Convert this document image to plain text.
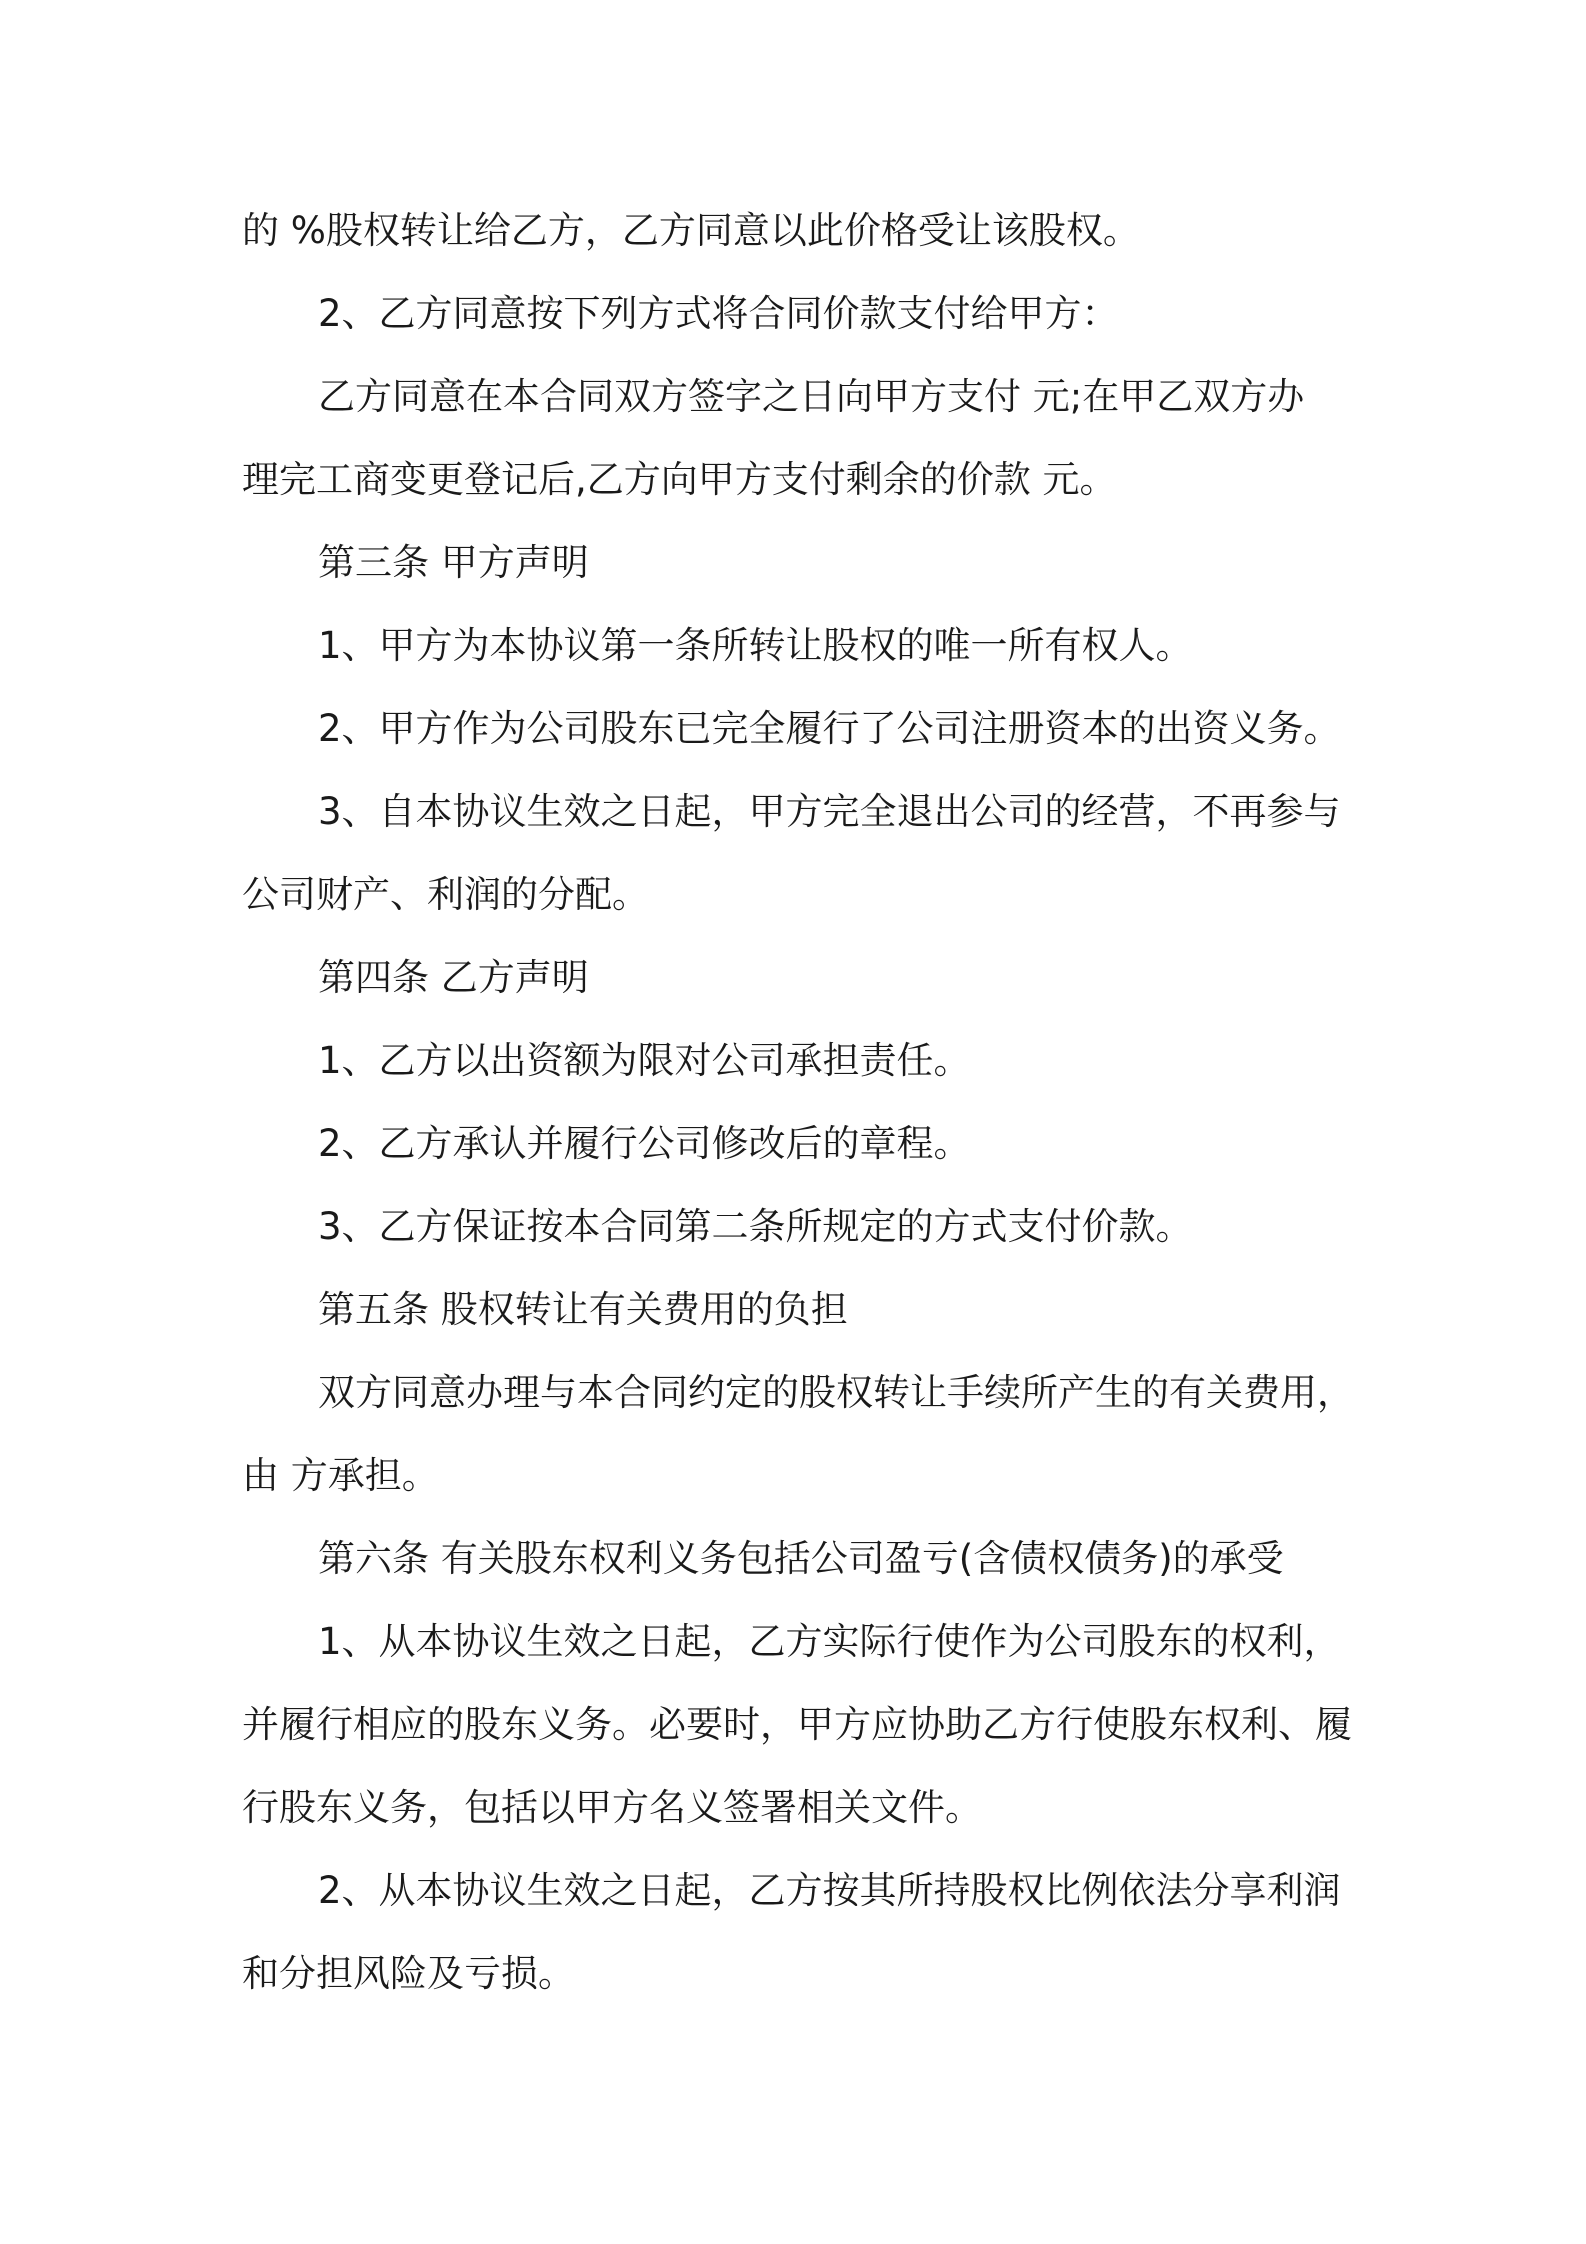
的 %股权转让给乙方，乙方同意以此价格受让该股权。
2、乙方同意按下列方式将合同价款支付给甲方：
乙方同意在本合同双方签字之日向甲方支付 元;在甲乙双方办
理完工商变更登记后,乙方向甲方支付剩余的价款 元。
第三条 甲方声明
1、甲方为本协议第一条所转让股权的唯一所有权人。
2、甲方作为公司股东已完全履行了公司注册资本的出资义务。
3、自本协议生效之日起，甲方完全退出公司的经营，不再参与
公司财产、利润的分配。
第四条 乙方声明
1、乙方以出资额为限对公司承担责任。
2、乙方承认并履行公司修改后的章程。
3、乙方保证按本合同第二条所规定的方式支付价款。
第五条 股权转让有关费用的负担
双方同意办理与本合同约定的股权转让手续所产生的有关费用，
由 方承担。
第六条 有关股东权利义务包括公司盈亏(含债权债务)的承受
1、从本协议生效之日起，乙方实际行使作为公司股东的权利，
并履行相应的股东义务。必要时，甲方应协助乙方行使股东权利、履
行股东义务，包括以甲方名义签署相关文件。
2、从本协议生效之日起，乙方按其所持股权比例依法分享利润
和分担风险及亏损。
